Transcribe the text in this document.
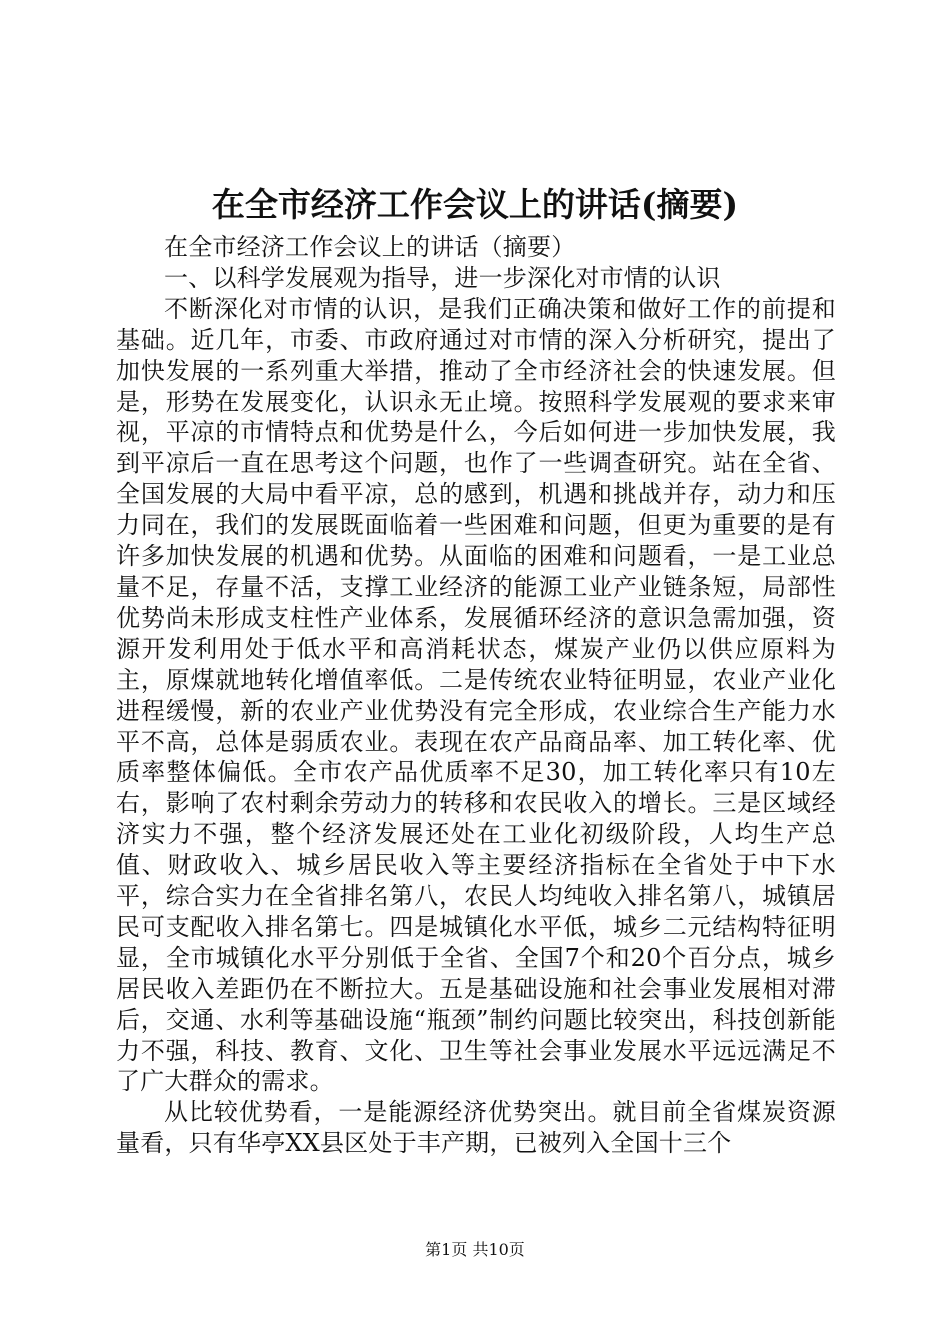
在全市经济工作会议上的讲话(摘要)

在全市经济工作会议上的讲话（摘要）

一、以科学发展观为指导，进一步深化对市情的认识

不断深化对市情的认识，是我们正确决策和做好工作的前提和基础。近几年，市委、市政府通过对市情的深入分析研究，提出了加快发展的一系列重大举措，推动了全市经济社会的快速发展。但是，形势在发展变化，认识永无止境。按照科学发展观的要求来审视，平凉的市情特点和优势是什么，今后如何进一步加快发展，我到平凉后一直在思考这个问题，也作了一些调查研究。站在全省、全国发展的大局中看平凉，总的感到，机遇和挑战并存，动力和压力同在，我们的发展既面临着一些困难和问题，但更为重要的是有许多加快发展的机遇和优势。从面临的困难和问题看，一是工业总量不足，存量不活，支撑工业经济的能源工业产业链条短，局部性优势尚未形成支柱性产业体系，发展循环经济的意识急需加强，资源开发利用处于低水平和高消耗状态，煤炭产业仍以供应原料为主，原煤就地转化增值率低。二是传统农业特征明显，农业产业化进程缓慢，新的农业产业优势没有完全形成，农业综合生产能力水平不高，总体是弱质农业。表现在农产品商品率、加工转化率、优质率整体偏低。全市农产品优质率不足30，加工转化率只有10左右，影响了农村剩余劳动力的转移和农民收入的增长。三是区域经济实力不强，整个经济发展还处在工业化初级阶段，人均生产总值、财政收入、城乡居民收入等主要经济指标在全省处于中下水平，综合实力在全省排名第八，农民人均纯收入排名第八，城镇居民可支配收入排名第七。四是城镇化水平低，城乡二元结构特征明显，全市城镇化水平分别低于全省、全国7个和20个百分点，城乡居民收入差距仍在不断拉大。五是基础设施和社会事业发展相对滞后，交通、水利等基础设施“瓶颈”制约问题比较突出，科技创新能力不强，科技、教育、文化、卫生等社会事业发展水平远远满足不了广大群众的需求。

从比较优势看，一是能源经济优势突出。就目前全省煤炭资源量看，只有华亭XX县区处于丰产期，已被列入全国十三个

第1页 共10页
